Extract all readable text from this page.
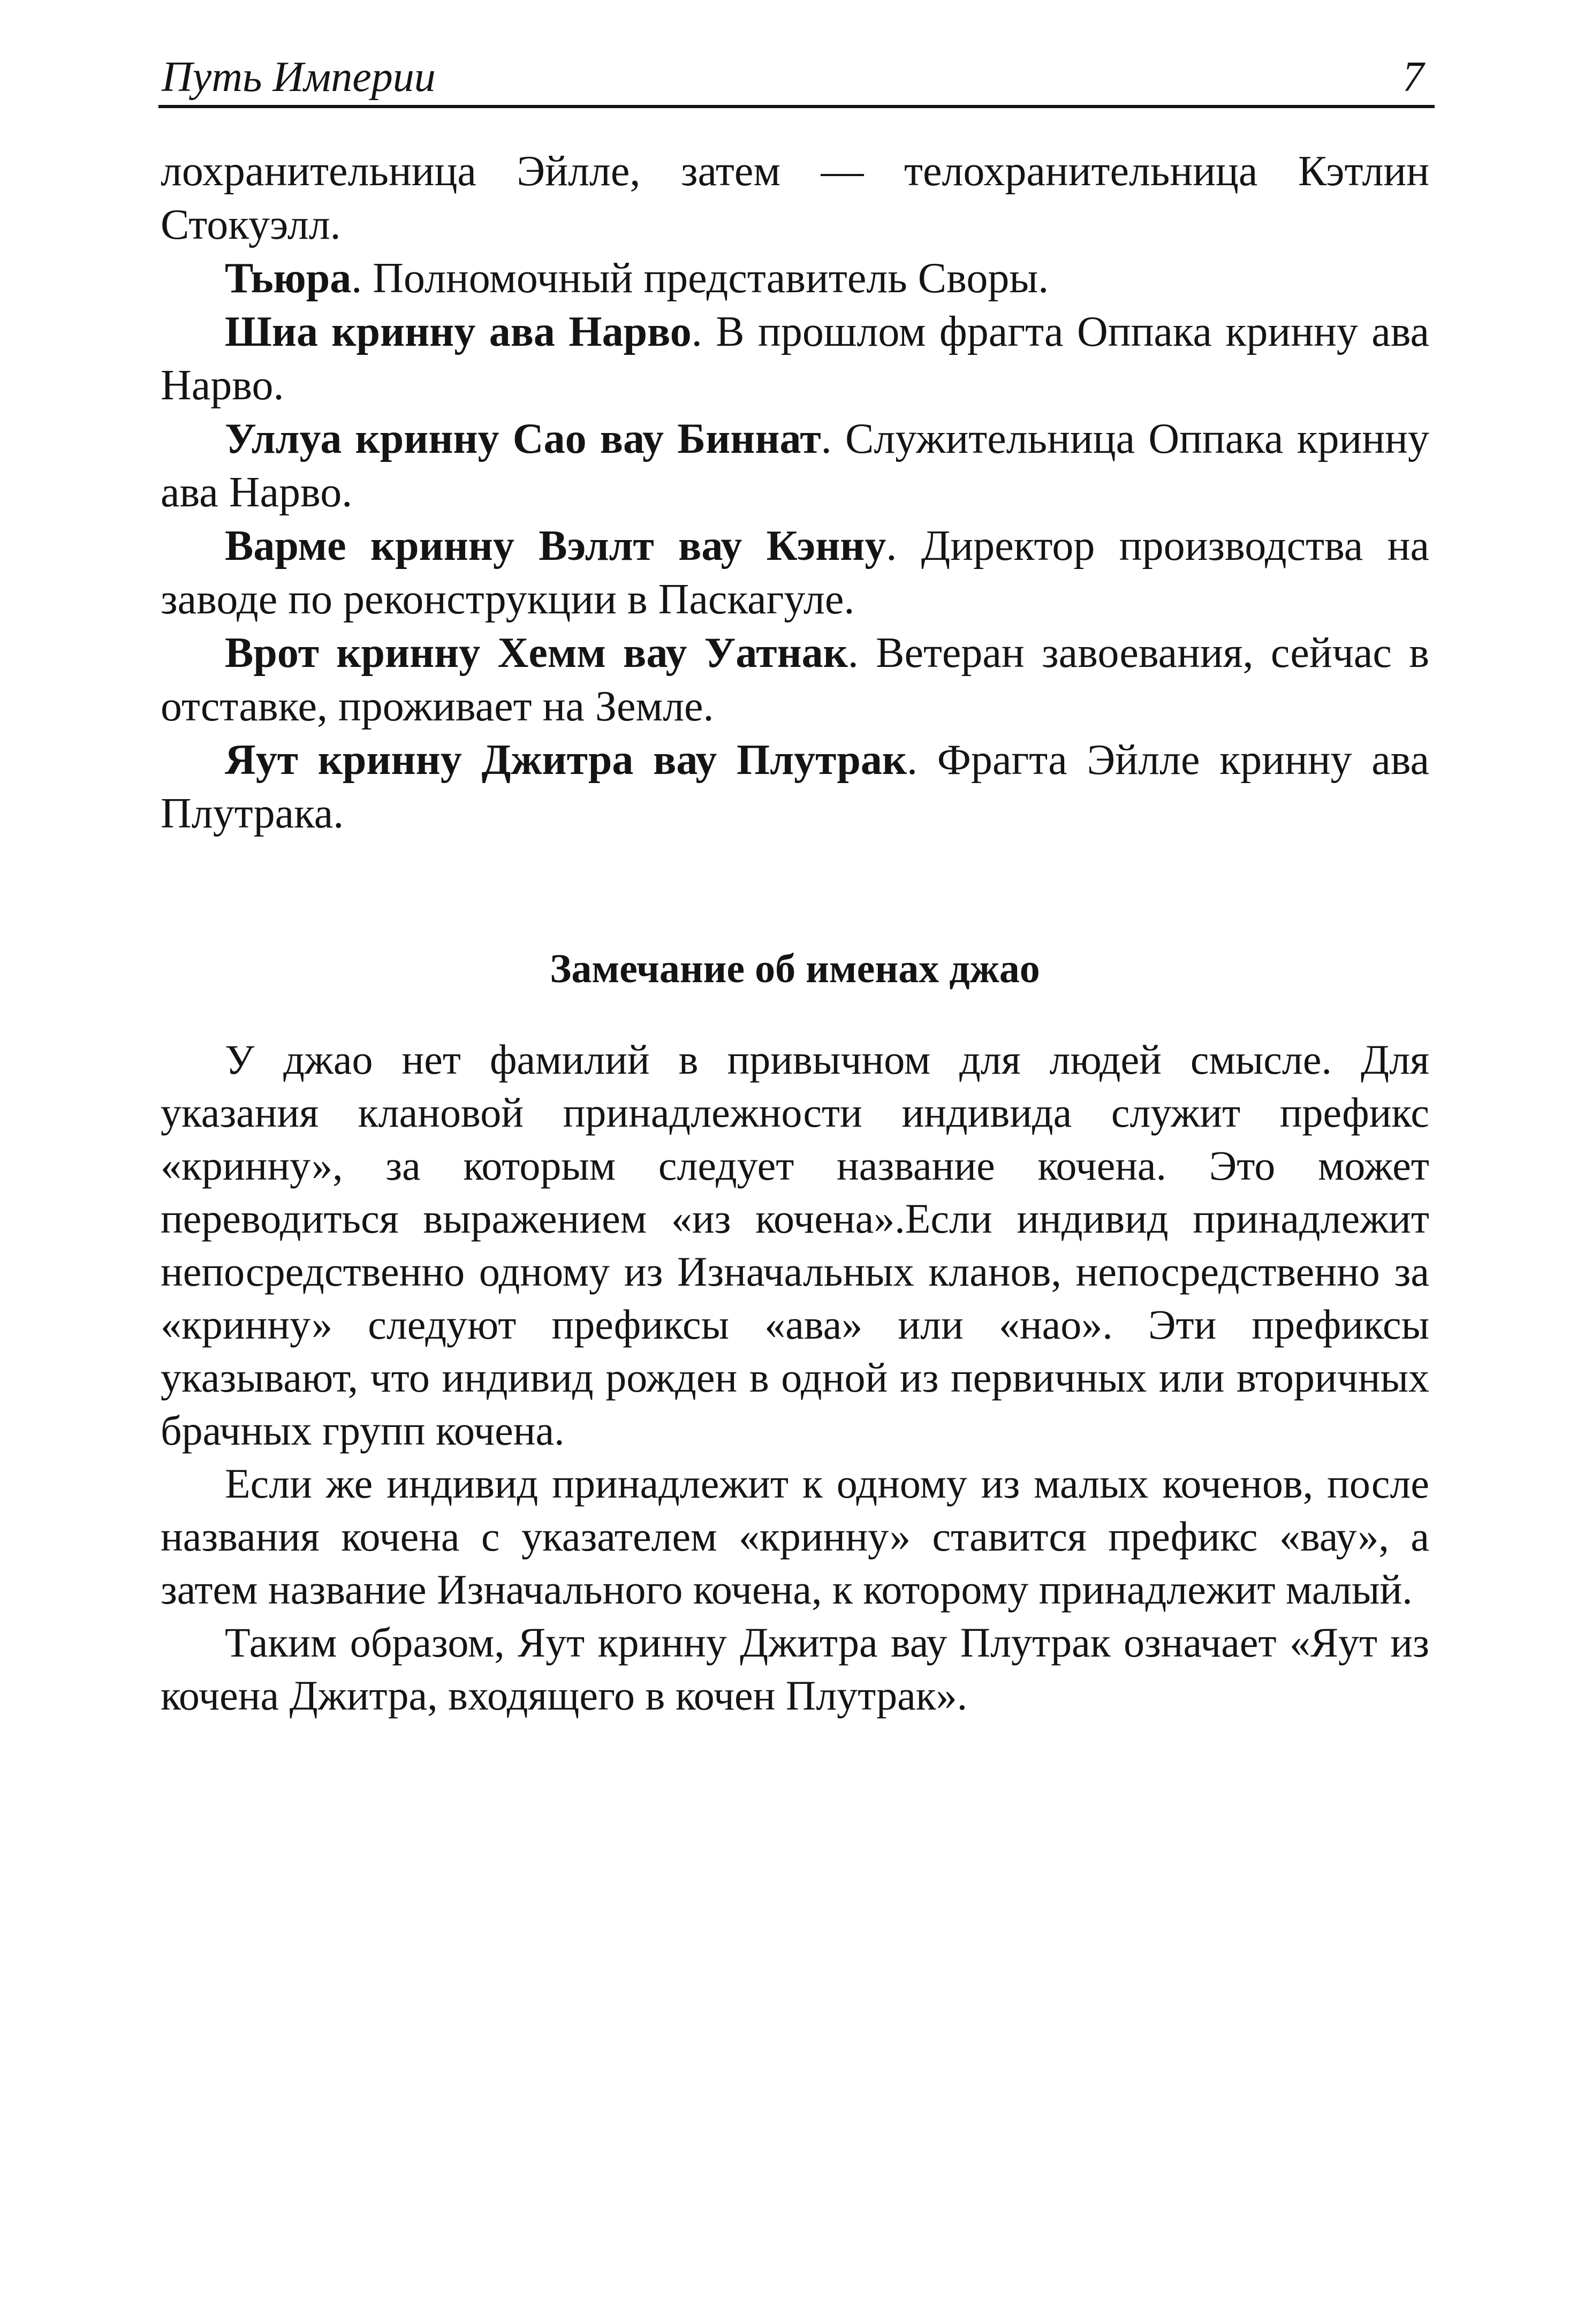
Путь Империи	7

лохранительница Эйлле, затем — телохранительница Кэтлин Стокуэлл.

Тьюра. Полномочный представитель Своры.

Шиа кринну ава Нарво. В прошлом фрагта Оппака кринну ава Нарво.

Уллуа кринну Сао вау Биннат. Служительница Оппака кринну ава Нарво.

Варме кринну Вэллт вау Кэнну. Директор производства на заводе по реконструкции в Паскагуле.

Врот кринну Хемм вау Уатнак. Ветеран завоевания, сейчас в отставке, проживает на Земле.

Яут кринну Джитра вау Плутрак. Фрагта Эйлле кринну ава Плутрака.

Замечание об именах джао

У джао нет фамилий в привычном для людей смысле. Для указания клановой принадлежности индивида служит префикс «кринну», за которым следует название кочена. Это может переводиться выражением «из кочена».Если индивид принадлежит непосредственно одному из Изначальных кланов, непосредственно за «кринну» следуют префиксы «ава» или «нао». Эти префиксы указывают, что индивид рожден в одной из первичных или вторичных брачных групп кочена.

Если же индивид принадлежит к одному из малых коченов, после названия кочена с указателем «кринну» ставится префикс «вау», а затем название Изначального кочена, к которому принадлежит малый.

Таким образом, Яут кринну Джитра вау Плутрак означает «Яут из кочена Джитра, входящего в кочен Плутрак».
